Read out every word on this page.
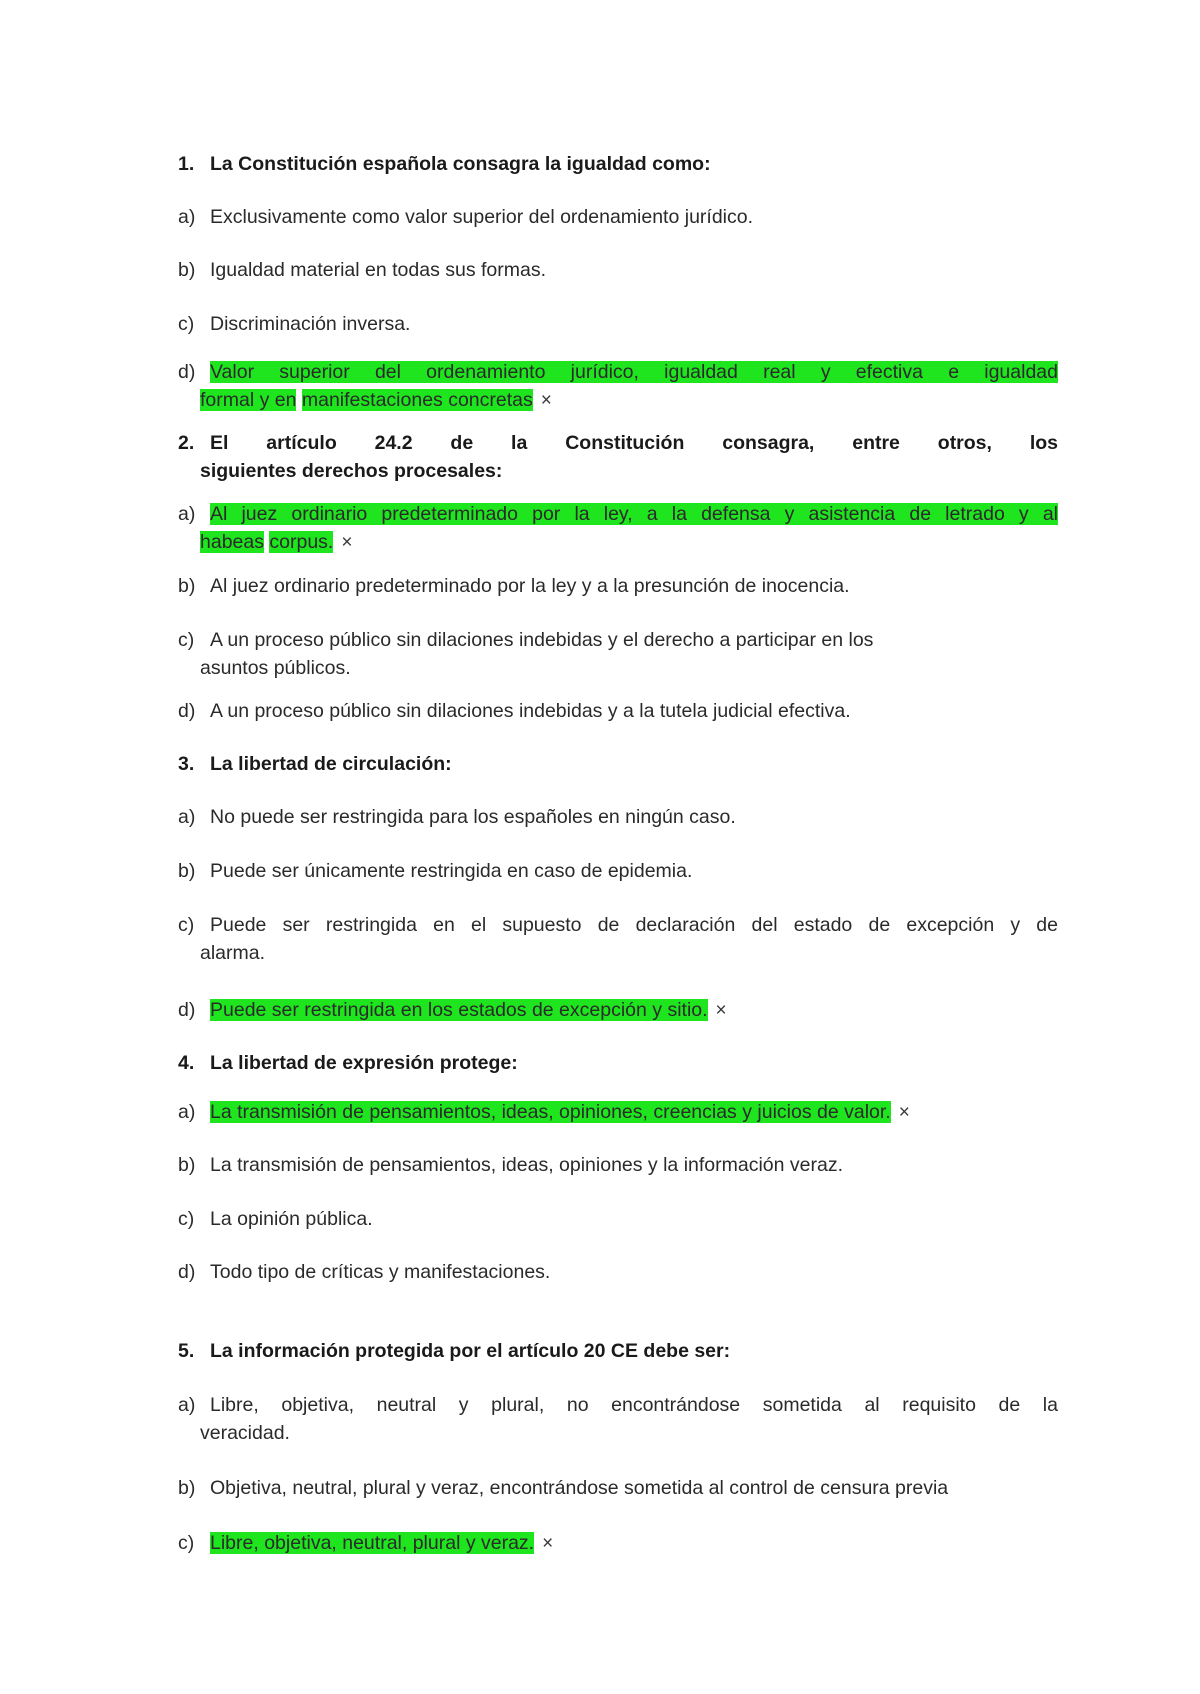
1. La Constitución española consagra la igualdad como:
a) Exclusivamente como valor superior del ordenamiento jurídico.
b) Igualdad material en todas sus formas.
c) Discriminación inversa.
d) Valor superior del ordenamiento jurídico, igualdad real y efectiva e igualdad
formal y en manifestaciones concretas ×
2. El artículo 24.2 de la Constitución consagra, entre otros, los
siguientes derechos procesales:
a) Al juez ordinario predeterminado por la ley, a la defensa y asistencia de letrado y al
habeas corpus. ×
b) Al juez ordinario predeterminado por la ley y a la presunción de inocencia.
c) A un proceso público sin dilaciones indebidas y el derecho a participar en los
asuntos públicos.
d) A un proceso público sin dilaciones indebidas y a la tutela judicial efectiva.
3. La libertad de circulación:
a) No puede ser restringida para los españoles en ningún caso.
b) Puede ser únicamente restringida en caso de epidemia.
c) Puede ser restringida en el supuesto de declaración del estado de excepción y de
alarma.
d) Puede ser restringida en los estados de excepción y sitio. ×
4. La libertad de expresión protege:
a) La transmisión de pensamientos, ideas, opiniones, creencias y juicios de valor. ×
b) La transmisión de pensamientos, ideas, opiniones y la información veraz.
c) La opinión pública.
d) Todo tipo de críticas y manifestaciones.
5. La información protegida por el artículo 20 CE debe ser:
a) Libre, objetiva, neutral y plural, no encontrándose sometida al requisito de la
veracidad.
b) Objetiva, neutral, plural y veraz, encontrándose sometida al control de censura previa
c) Libre, objetiva, neutral, plural y veraz. ×
